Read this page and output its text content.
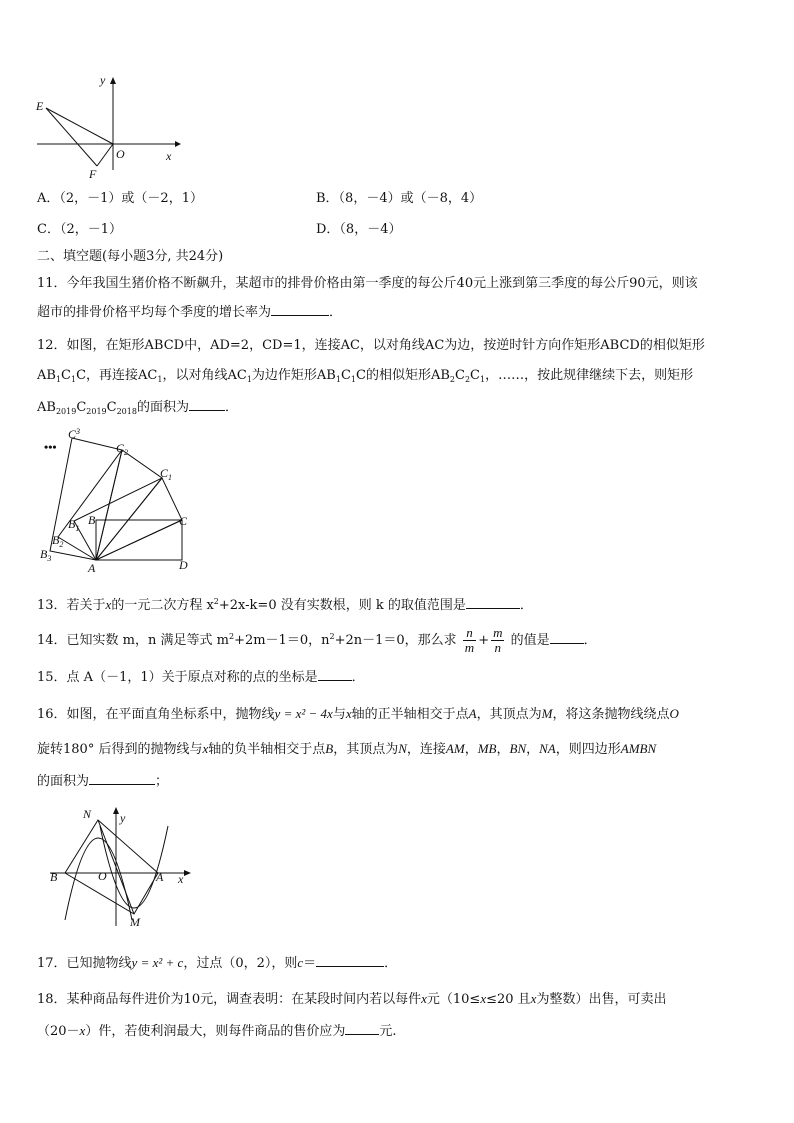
y
E
O	x
F
A．（2，－1）或（－2，1）	B．（8，－4）或（－8，4）
C．（2，－1）	D．（8，－4）
二、填空题(每小题3分, 共24分)
11．今年我国生猪价格不断飙升，某超市的排骨价格由第一季度的每公斤40元上涨到第三季度的每公斤90元，则该
超市的排骨价格平均每个季度的增长率为	．
12．如图，在矩形ABCD中，AD=2，CD=1，连接AC，以对角线AC为边，按逆时针方向作矩形ABCD的相似矩形
$AB_1C_1C$，再连接$AC_1$，以对角线$AC_1$为边作矩形$AB_1C_1C$的相似矩形$AB_2C_2C_1$，……，按此规律继续下去，则矩形
$AB_{2019}C_{2019}C_{2018}$的面积为	．
•••
$C^3$
$C_2$
$C_1$
C
D
A
B
$B_1$
$B_2$
$B_3$
13．若关于x的一元二次方程 $x^2+2x-k=0$ 没有实数根，则 k 的取值范围是	．
14．已知实数 m，n 满足等式 $m^2+2m-1=0$，$n^2+2n-1=0$，那么求 $\frac{n}{m} + \frac{m}{n}$ 的值是	．
15．点 A（－1，1）关于原点对称的点的坐标是	．
16．如图，在平面直角坐标系中，抛物线y = x² − 4x与x轴的正半轴相交于点A，其顶点为M，将这条抛物线绕点O
旋转180° 后得到的抛物线与x轴的负半轴相交于点B，其顶点为N，连接AM，MB，BN，NA，则四边形AMBN
的面积为	；
N y
B	O	A x
M
17．已知抛物线y = x² + c，过点（0，2），则c＝	．
18．某种商品每件进价为10元，调查表明：在某段时间内若以每件x元（10≤x≤20 且x为整数）出售，可卖出
（20－x）件，若使利润最大，则每件商品的售价应为	元.
